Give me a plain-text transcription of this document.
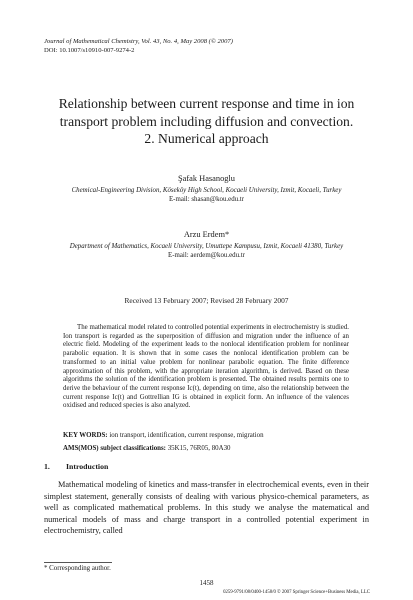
Journal of Mathematical Chemistry, Vol. 43, No. 4, May 2008 (© 2007)
DOI: 10.1007/s10910-007-9274-2
Relationship between current response and time in ion
transport problem including diffusion and convection.
2. Numerical approach
Şafak Hasanoglu
Chemical-Engineering Division, Köseköy High School, Kocaeli University, Izmit, Kocaeli, Turkey
E-mail: shasan@kou.edu.tr
Arzu Erdem*
Department of Mathematics, Kocaeli University, Umuttepe Kampusu, Izmit, Kocaeli 41380, Turkey
E-mail: aerdem@kou.edu.tr
Received 13 February 2007; Revised 28 February 2007

The mathematical model related to controlled potential experiments in electrochemistry is studied. Ion transport is regarded as the superposition of diffusion and migration under the influence of an electric field. Modeling of the experiment leads to the nonlocal identification problem for nonlinear parabolic equation. It is shown that in some cases the nonlocal identification problem can be transformed to an initial value problem for nonlinear parabolic equation. The finite difference approximation of this problem, with the appropriate iteration algorithm, is derived. Based on these algorithms the solution of the identification problem is presented. The obtained results permits one to derive the behaviour of the current response Ic(t), depending on time, also the relationship between the current response Ic(t) and Gottrellian IG is obtained in explicit form. An influence of the valences oxidised and reduced species is also analyzed.

KEY WORDS: ion transport, identification, current response, migration
AMS(MOS) subject classifications: 35K15, 76R05, 80A30
1. Introduction

Mathematical modeling of kinetics and mass-transfer in electrochemical events, even in their simplest statement, generally consists of dealing with various physico-chemical parameters, as well as complicated mathematical problems. In this study we analyse the matematical and numerical models of mass and charge transport in a controlled potential experiment in electrochemistry, called

* Corresponding author.
1458
0259-9791/08/0400-1458/0 © 2007 Springer Science+Business Media, LLC
